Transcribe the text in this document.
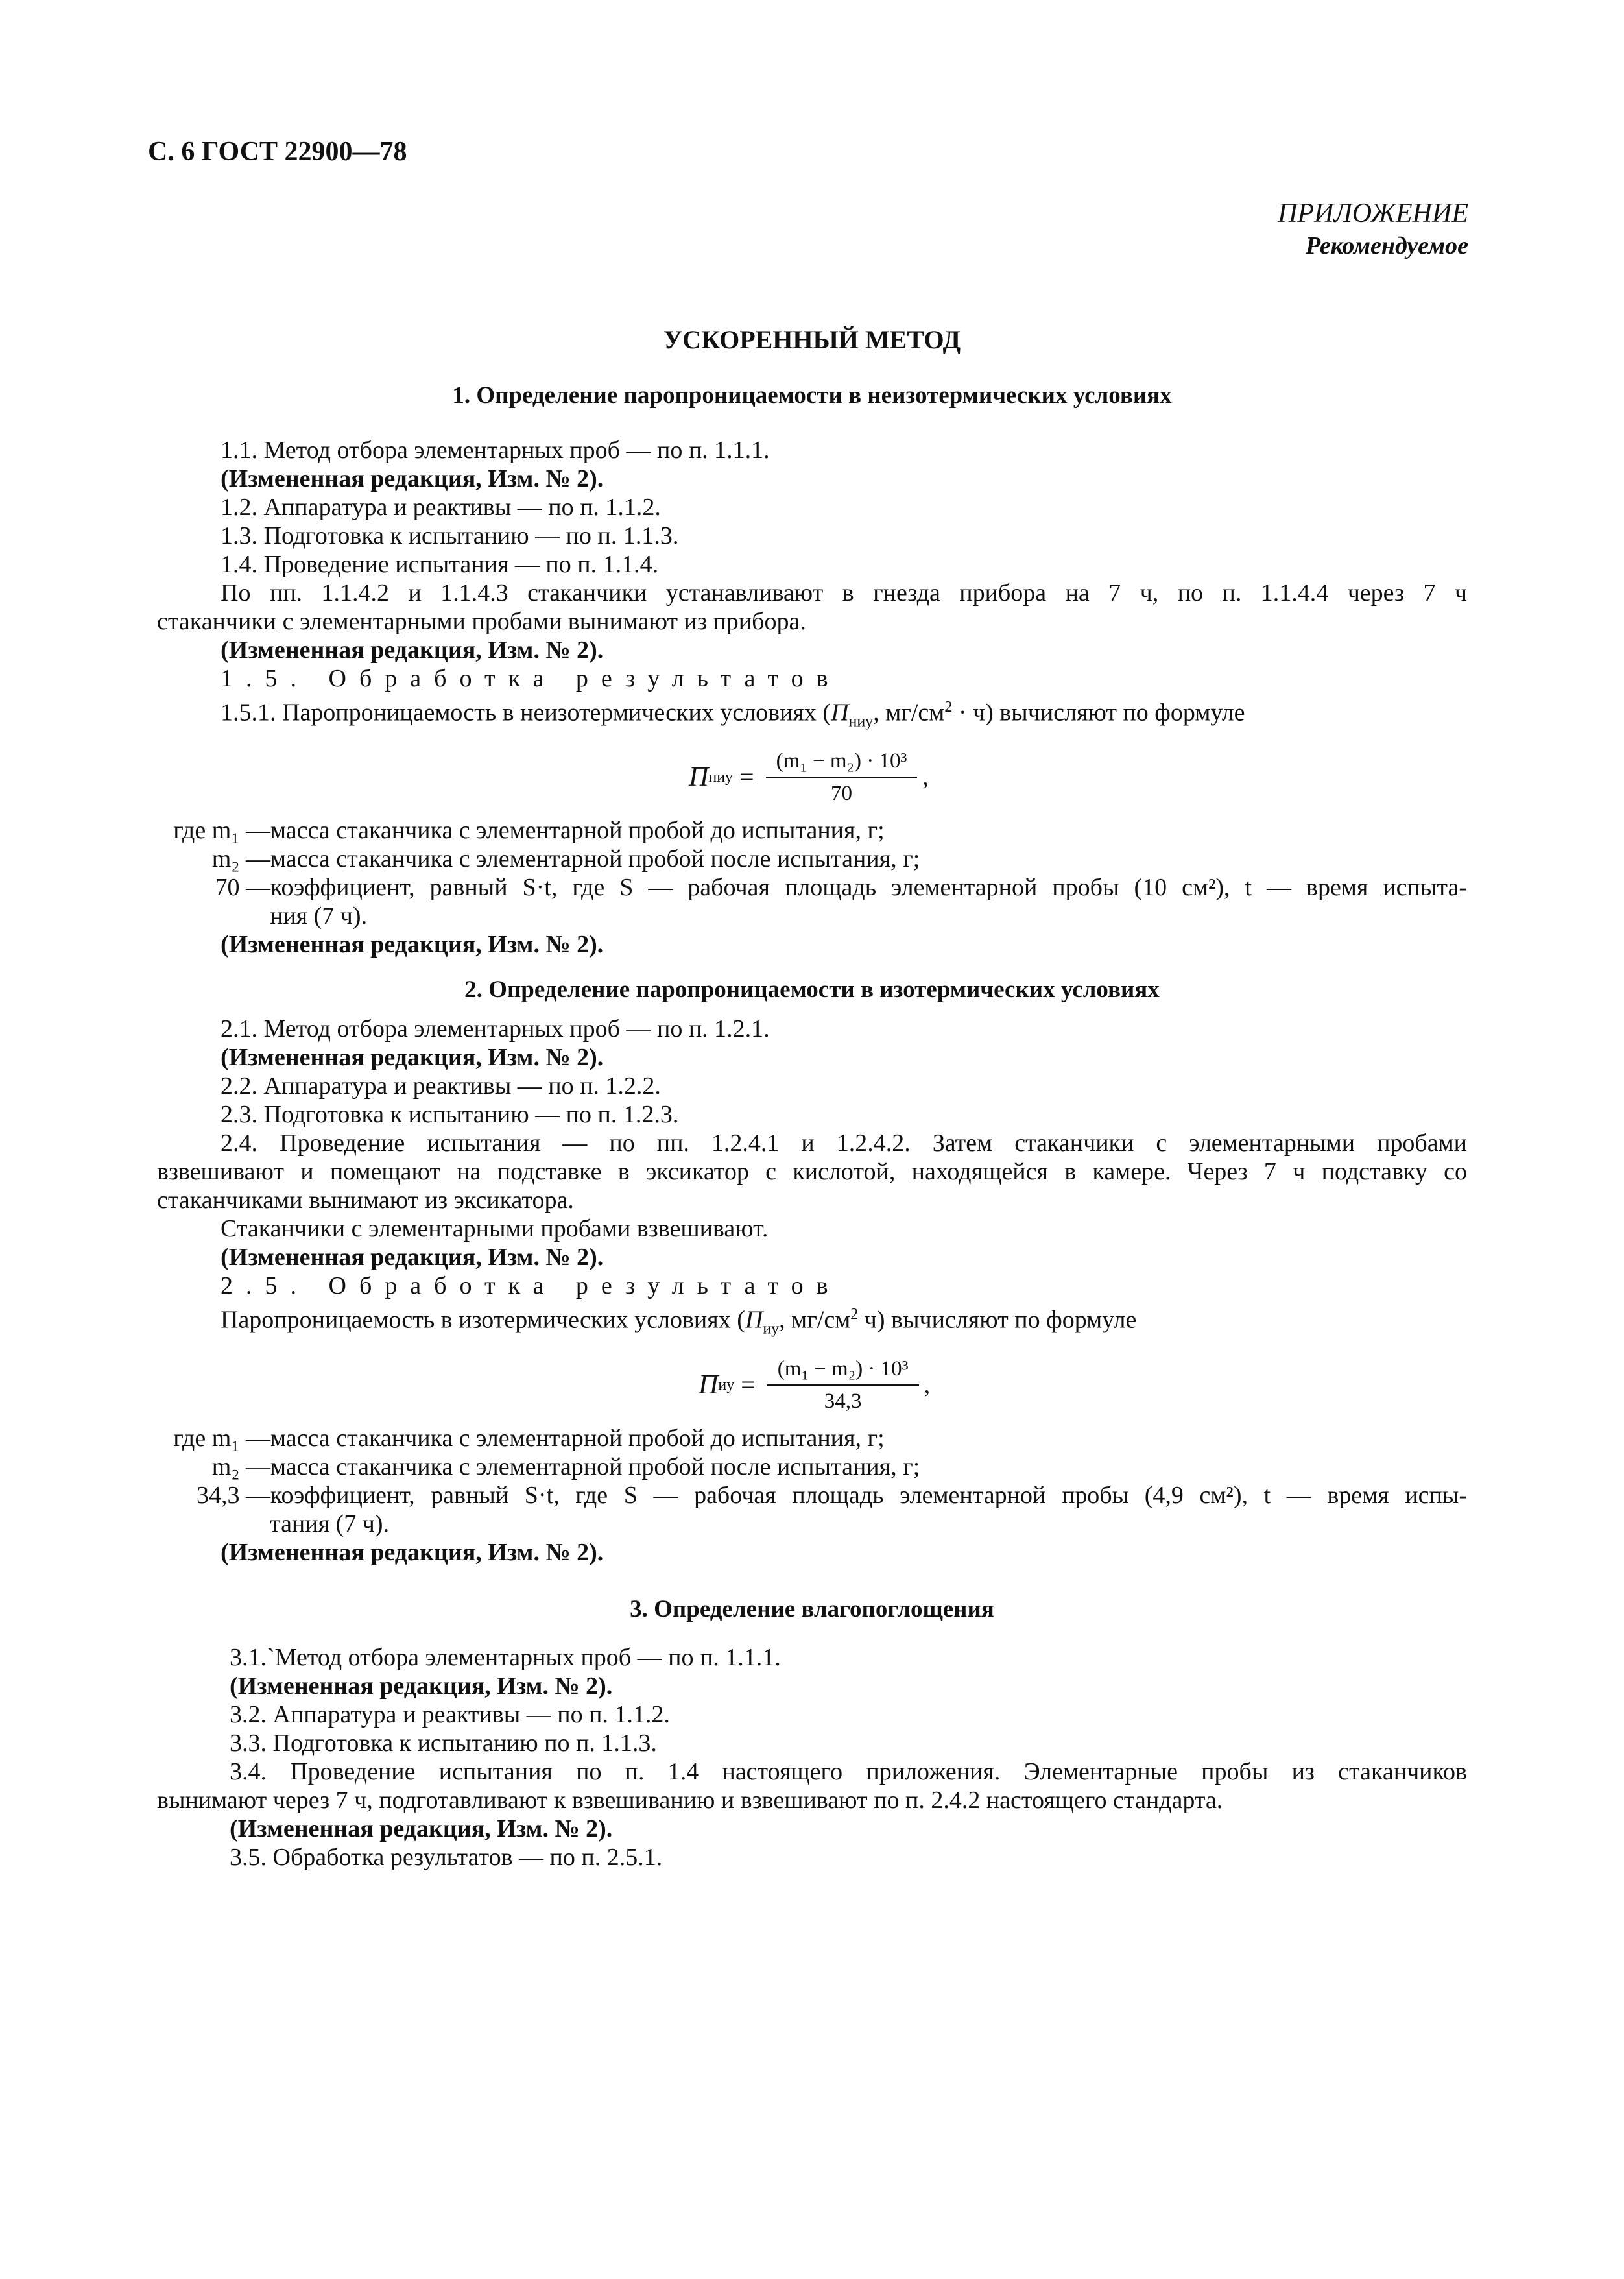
С. 6 ГОСТ 22900—78
ПРИЛОЖЕНИЕ
Рекомендуемое
УСКОРЕННЫЙ МЕТОД
1. Определение паропроницаемости в неизотермических условиях
1.1. Метод отбора элементарных проб — по п. 1.1.1.
(Измененная редакция, Изм. № 2).
1.2. Аппаратура и реактивы — по п. 1.1.2.
1.3. Подготовка к испытанию — по п. 1.1.3.
1.4. Проведение испытания — по п. 1.1.4.
По пп. 1.1.4.2 и 1.1.4.3 стаканчики устанавливают в гнезда прибора на 7 ч, по п. 1.1.4.4 через 7 ч
стаканчики с элементарными пробами вынимают из прибора.
(Измененная редакция, Изм. № 2).
1.5. Обработка результатов
1.5.1. Паропроницаемость в неизотермических условиях ($П_{ниу}$, $мг/см^2 \cdot ч$) вычисляют по формуле
П ниу = $\frac{\text{(m₁ − m₂) · 10³}}{70}$ ,
где m₁ — масса стаканчика с элементарной пробой до испытания, г;
m₂ — масса стаканчика с элементарной пробой после испытания, г;
70 — коэффициент, равный S·t, где S — рабочая площадь элементарной пробы (10 см²), t — время испыта-
ния (7 ч).
(Измененная редакция, Изм. № 2).
2. Определение паропроницаемости в изотермических условиях
2.1. Метод отбора элементарных проб — по п. 1.2.1.
(Измененная редакция, Изм. № 2).
2.2. Аппаратура и реактивы — по п. 1.2.2.
2.3. Подготовка к испытанию — по п. 1.2.3.
2.4. Проведение испытания — по пп. 1.2.4.1 и 1.2.4.2. Затем стаканчики с элементарными пробами
взвешивают и помещают на подставке в эксикатор с кислотой, находящейся в камере. Через 7 ч подставку со
стаканчиками вынимают из эксикатора.
Стаканчики с элементарными пробами взвешивают.
(Измененная редакция, Изм. № 2).
2.5. Обработка результатов
Паропроницаемость в изотермических условиях ($П_{иу}$, $мг/см^2$ ч) вычисляют по формуле
П иу = $\frac{\text{(m₁ − m₂) · 10³}}{34,3}$ ,
где m₁ — масса стаканчика с элементарной пробой до испытания, г;
m₂ — масса стаканчика с элементарной пробой после испытания, г;
34,3 — коэффициент, равный S·t, где S — рабочая площадь элементарной пробы (4,9 см²), t — время испы-
тания (7 ч).
(Измененная редакция, Изм. № 2).
3. Определение влагопоглощения
3.1.`Метод отбора элементарных проб — по п. 1.1.1.
(Измененная редакция, Изм. № 2).
3.2. Аппаратура и реактивы — по п. 1.1.2.
3.3. Подготовка к испытанию по п. 1.1.3.
3.4. Проведение испытания по п. 1.4 настоящего приложения. Элементарные пробы из стаканчиков
вынимают через 7 ч, подготавливают к взвешиванию и взвешивают по п. 2.4.2 настоящего стандарта.
(Измененная редакция, Изм. № 2).
3.5. Обработка результатов — по п. 2.5.1.
